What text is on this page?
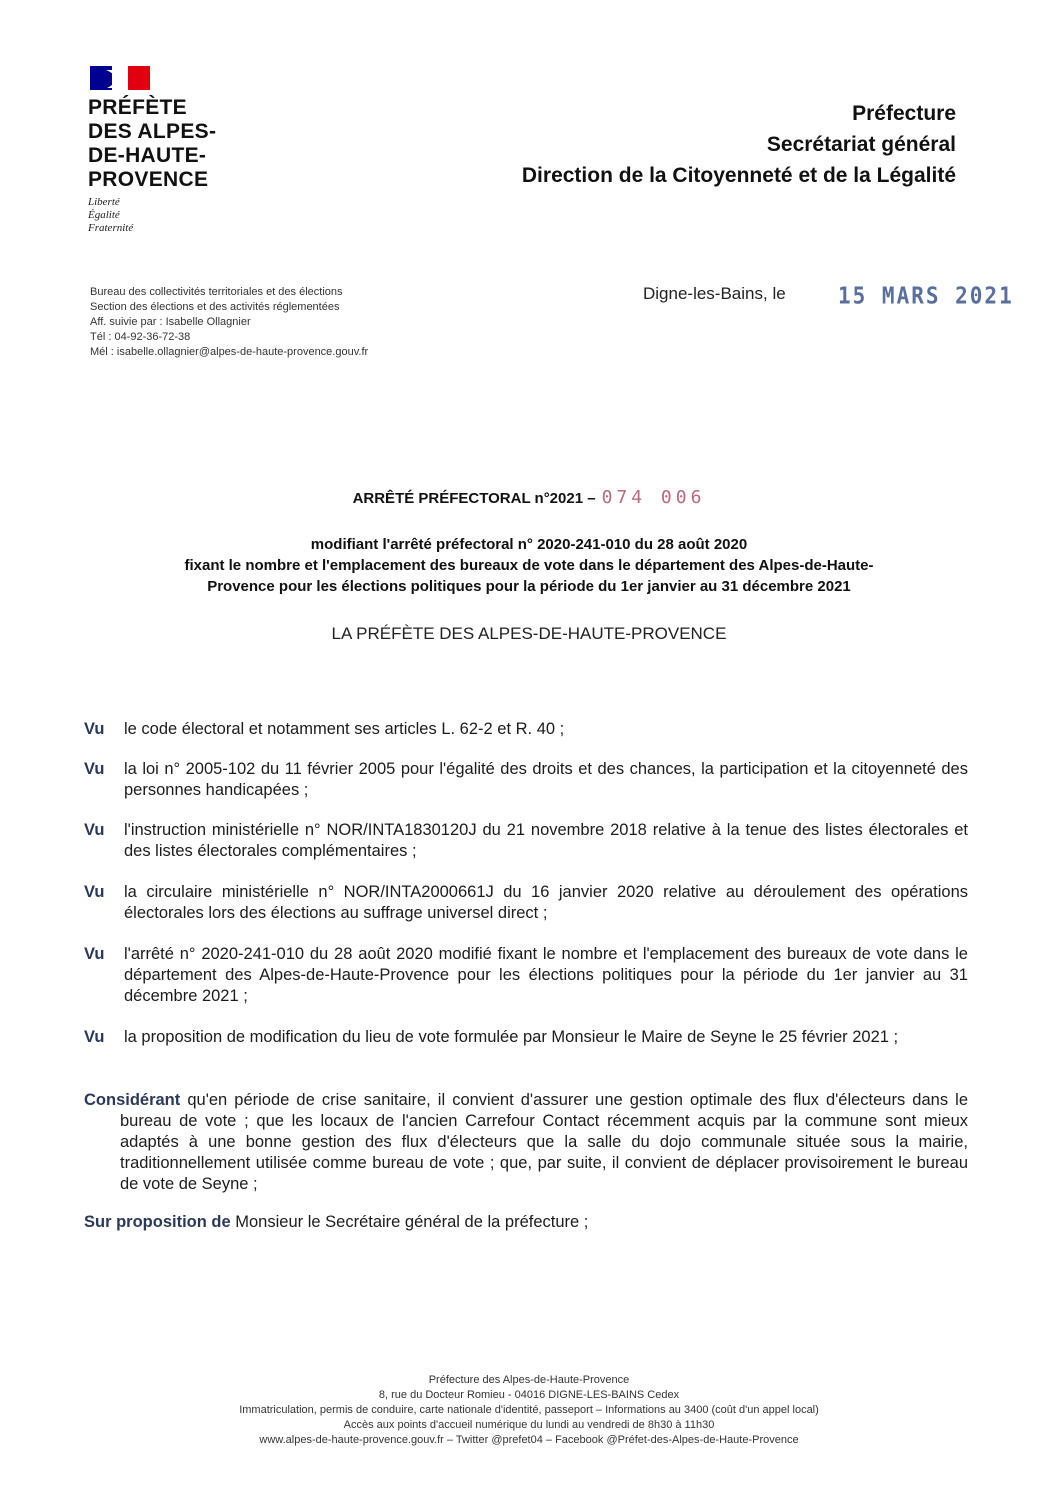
PRÉFÈTE
DES ALPES-
DE-HAUTE-
PROVENCE
Liberté
Égalité
Fraternité
Préfecture
Secrétariat général
Direction de la Citoyenneté et de la Légalité
Bureau des collectivités territoriales et des élections
Section des élections et des activités réglementées
Aff. suivie par : Isabelle Ollagnier
Tél : 04-92-36-72-38
Mél : isabelle.ollagnier@alpes-de-haute-provence.gouv.fr
Digne-les-Bains, le 15 MARS 2021
ARRÊTÉ PRÉFECTORAL n°2021 – 074 006
modifiant l'arrêté préfectoral n° 2020-241-010 du 28 août 2020
fixant le nombre et l'emplacement des bureaux de vote dans le département des Alpes-de-Haute-
Provence pour les élections politiques pour la période du 1er janvier au 31 décembre 2021
LA PRÉFÈTE DES ALPES-DE-HAUTE-PROVENCE
Vu le code électoral et notamment ses articles L. 62-2 et R. 40 ;
Vu la loi n° 2005-102 du 11 février 2005 pour l'égalité des droits et des chances, la participation et la citoyenneté des personnes handicapées ;
Vu l'instruction ministérielle n° NOR/INTA1830120J du 21 novembre 2018 relative à la tenue des listes électorales et des listes électorales complémentaires ;
Vu la circulaire ministérielle n° NOR/INTA2000661J du 16 janvier 2020 relative au déroulement des opérations électorales lors des élections au suffrage universel direct ;
Vu l'arrêté n° 2020-241-010 du 28 août 2020 modifié fixant le nombre et l'emplacement des bureaux de vote dans le département des Alpes-de-Haute-Provence pour les élections politiques pour la période du 1er janvier au 31 décembre 2021 ;
Vu la proposition de modification du lieu de vote formulée par Monsieur le Maire de Seyne le 25 février 2021 ;
Considérant qu'en période de crise sanitaire, il convient d'assurer une gestion optimale des flux d'électeurs dans le bureau de vote ; que les locaux de l'ancien Carrefour Contact récemment acquis par la commune sont mieux adaptés à une bonne gestion des flux d'électeurs que la salle du dojo communale située sous la mairie, traditionnellement utilisée comme bureau de vote ; que, par suite, il convient de déplacer provisoirement le bureau de vote de Seyne ;
Sur proposition de Monsieur le Secrétaire général de la préfecture ;
Préfecture des Alpes-de-Haute-Provence
8, rue du Docteur Romieu - 04016 DIGNE-LES-BAINS Cedex
Immatriculation, permis de conduire, carte nationale d'identité, passeport – Informations au 3400 (coût d'un appel local)
Accès aux points d'accueil numérique du lundi au vendredi de 8h30 à 11h30
www.alpes-de-haute-provence.gouv.fr – Twitter @prefet04 – Facebook @Préfet-des-Alpes-de-Haute-Provence
